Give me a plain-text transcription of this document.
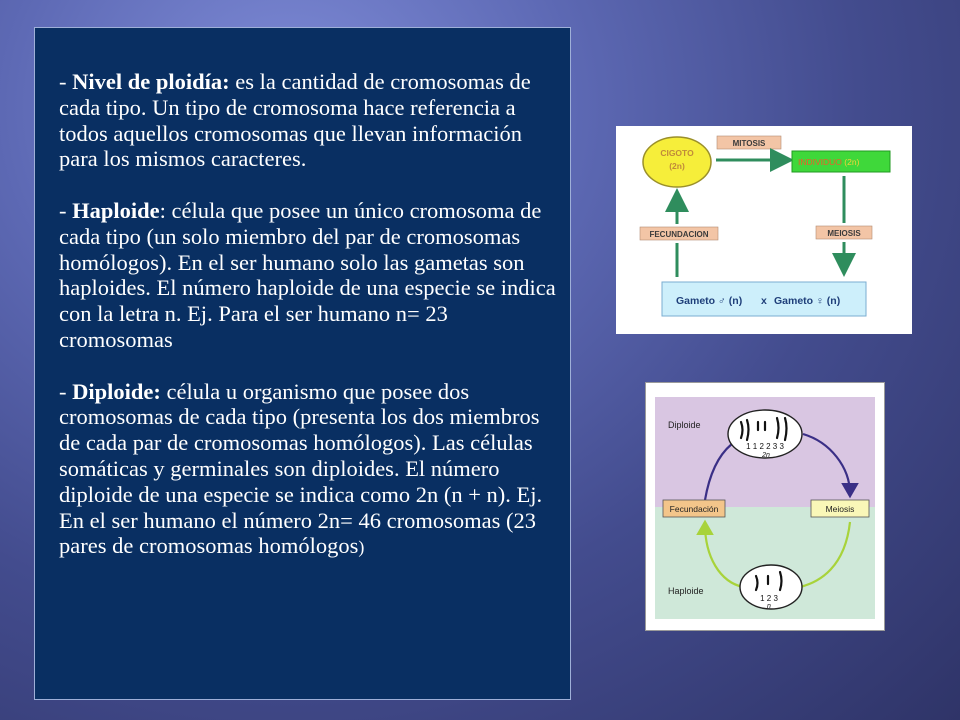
- Nivel de ploidía: es la cantidad de cromosomas de cada tipo. Un tipo de cromosoma hace referencia a todos aquellos cromosomas que llevan información para los mismos caracteres.

- Haploide: célula que posee un único cromosoma de cada tipo (un solo miembro del par de cromosomas homólogos). En el ser humano solo las gametas son haploides. El número haploide de una especie se indica con la letra n. Ej. Para el ser humano n= 23 cromosomas

- Diploide: célula u organismo que posee dos cromosomas de cada tipo (presenta los dos miembros de cada par de cromosomas homólogos). Las células somáticas y germinales son diploides. El número diploide de una especie se indica como 2n (n + n). Ej. En el ser humano el número 2n= 46 cromosomas (23 pares de cromosomas homólogos)

CIGOTO
(2n)
MITOSIS
INDIVIDUO (2n)
MEIOSIS
Gameto ♂ (n) x Gameto ♀ (n)
FECUNDACION
Diploide
Haploide
1 1 2 2 3 3
2n
Fecundación	Meiosis
1 2 3
n
